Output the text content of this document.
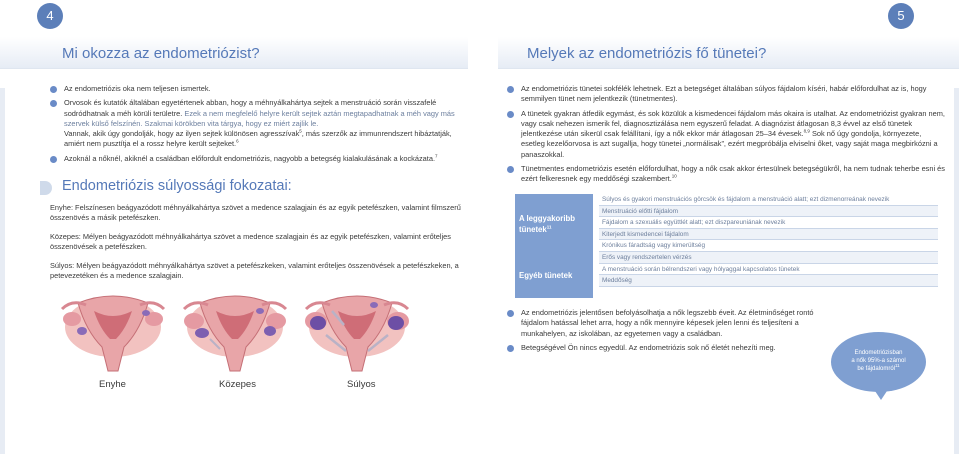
4
Mi okozza az endometriózist?
Az endometriózis oka nem teljesen ismertek.
Orvosok és kutatók általában egyetértenek abban, hogy a méhnyálkahártya sejtek a menstruáció során visszafelé sodródhatnak a méh körüli területre. Ezek a nem megfelelő helyre került sejtek aztán megtapadhatnak a méh vagy más szervek külső felszínén. Szakmai körökben vita tárgya, hogy ez miért zajlik le.
Vannak, akik úgy gondolják, hogy az ilyen sejtek különösen agresszívak$^5$, más szerzők az immunrendszert hibáztatják, amiért nem pusztítja el a rossz helyre került sejteket.$^6$
Azoknál a nőknél, akiknél a családban előfordult endometriózis, nagyobb a betegség kialakulásának a kockázata.$^7$
Endometriózis súlyossági fokozatai:

Enyhe: Felszínesen beágyazódott méhnyálkahártya szövet a medence szalagjain és az egyik petefészken, valamint filmszerű összenövés a másik petefészken.

Közepes: Mélyen beágyazódott méhnyálkahártya szövet a medence szalagjain és az egyik petefészken, valamint erőteljes összenövések a petefészken.

Súlyos: Mélyen beágyazódott méhnyálkahártya szövet a petefészkeken, valamint erőteljes összenövések a petefészkeken, a petevezetéken és a medence szalagjain.

Enyhe	Közepes	Súlyos
5
Melyek az endometriózis fő tünetei?
Az endometriózis tünetei sokfélék lehetnek. Ezt a betegséget általában súlyos fájdalom kíséri, habár előfordulhat az is, hogy semmilyen tünet nem jelentkezik (tünetmentes).
A tünetek gyakran átfedik egymást, és sok közülük a kismedencei fájdalom más okaira is utalhat. Az endometriózist gyakran nem, vagy csak nehezen ismerik fel, diagnosztizálása nem egyszerű feladat. A diagnózist átlagosan 8,3 évvel az első tünetek jelentkezése után sikerül csak felállítani, így a nők ekkor már átlagosan 25–34 évesek.$^{8,9}$ Sok nő úgy gondolja, környezete, esetleg kezelőorvosa is azt sugallja, hogy tünetei „normálisak”, ezért megpróbálja elviselni őket, vagy saját maga megbirkózni a panaszokkal.
Tünetmentes endometriózis esetén előfordulhat, hogy a nők csak akkor értesülnek betegségükről, ha nem tudnak teherbe esni és ezért felkeresnek egy meddőségi szakembert.$^{10}$
A leggyakoribb tünetek$^{11}$
Egyéb tünetek
Súlyos és gyakori menstruációs görcsök és fájdalom a menstruáció alatt; ezt dizmenorreának nevezik
Menstruáció előtti fájdalom
Fájdalom a szexuális együttlét alatt; ezt diszpareuniának nevezik
Kiterjedt kismedencei fájdalom
Krónikus fáradtság vagy kimerültség
Erős vagy rendszertelen vérzés
A menstruáció során bélrendszeri vagy hólyaggal kapcsolatos tünetek
Meddőség
Az endometriózis jelentősen befolyásolhatja a nők legszebb éveit. Az életminőséget rontó fájdalom hatással lehet arra, hogy a nők mennyire képesek jelen lenni és teljesíteni a munkahelyen, az iskolában, az egyetemen vagy a családban.
Betegségével Ön nincs egyedül. Az endometriózis sok nő életét nehezíti meg.
Endometriózisban
a nők 95%-a számol
be fájdalomról$^{11}$
